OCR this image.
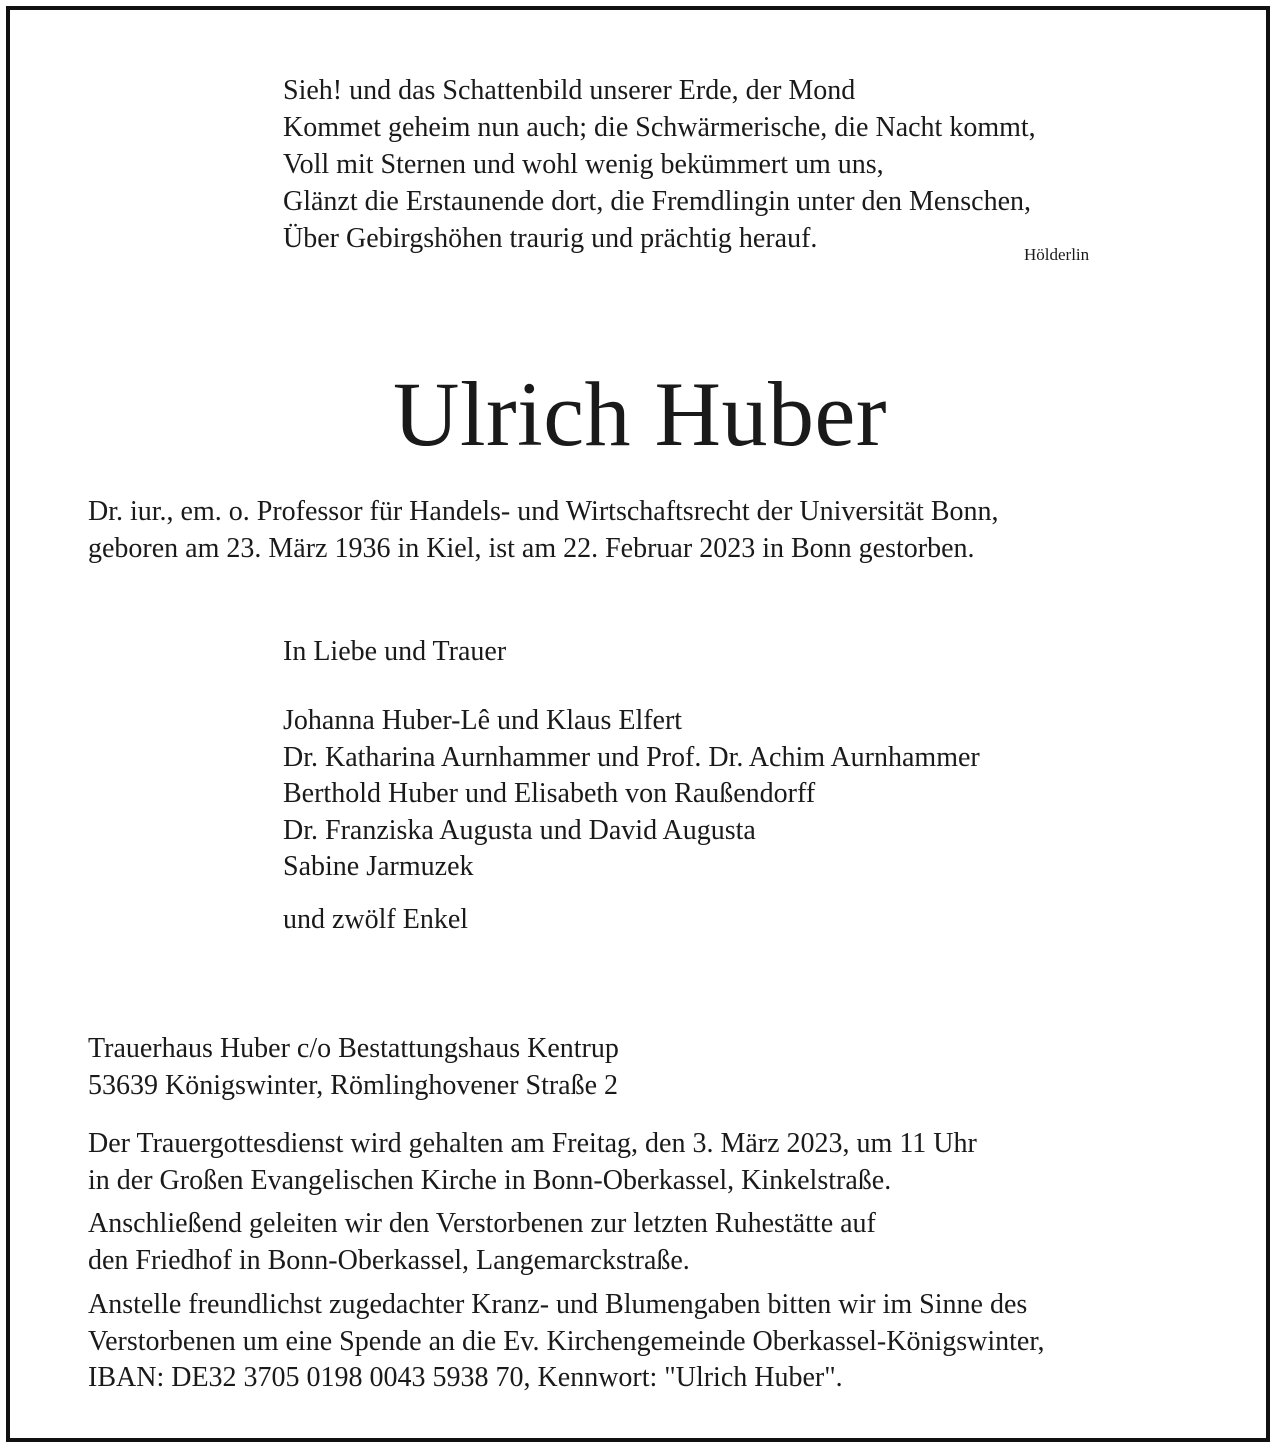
Sieh! und das Schattenbild unserer Erde, der Mond
Kommet geheim nun auch; die Schwärmerische, die Nacht kommt,
Voll mit Sternen und wohl wenig bekümmert um uns,
Glänzt die Erstaunende dort, die Fremdlingin unter den Menschen,
Über Gebirgshöhen traurig und prächtig herauf.
Hölderlin
Ulrich Huber
Dr. iur., em. o. Professor für Handels- und Wirtschaftsrecht der Universität Bonn,
geboren am 23. März 1936 in Kiel, ist am 22. Februar 2023 in Bonn gestorben.
In Liebe und Trauer
Johanna Huber-Lê und Klaus Elfert
Dr. Katharina Aurnhammer und Prof. Dr. Achim Aurnhammer
Berthold Huber und Elisabeth von Raußendorff
Dr. Franziska Augusta und David Augusta
Sabine Jarmuzek
und zwölf Enkel
Trauerhaus Huber c/o Bestattungshaus Kentrup
53639 Königswinter, Römlinghovener Straße 2
Der Trauergottesdienst wird gehalten am Freitag, den 3. März 2023, um 11 Uhr
in der Großen Evangelischen Kirche in Bonn-Oberkassel, Kinkelstraße.
Anschließend geleiten wir den Verstorbenen zur letzten Ruhestätte auf
den Friedhof in Bonn-Oberkassel, Langemarckstraße.
Anstelle freundlichst zugedachter Kranz- und Blumengaben bitten wir im Sinne des
Verstorbenen um eine Spende an die Ev. Kirchengemeinde Oberkassel-Königswinter,
IBAN: DE32 3705 0198 0043 5938 70, Kennwort: "Ulrich Huber".
